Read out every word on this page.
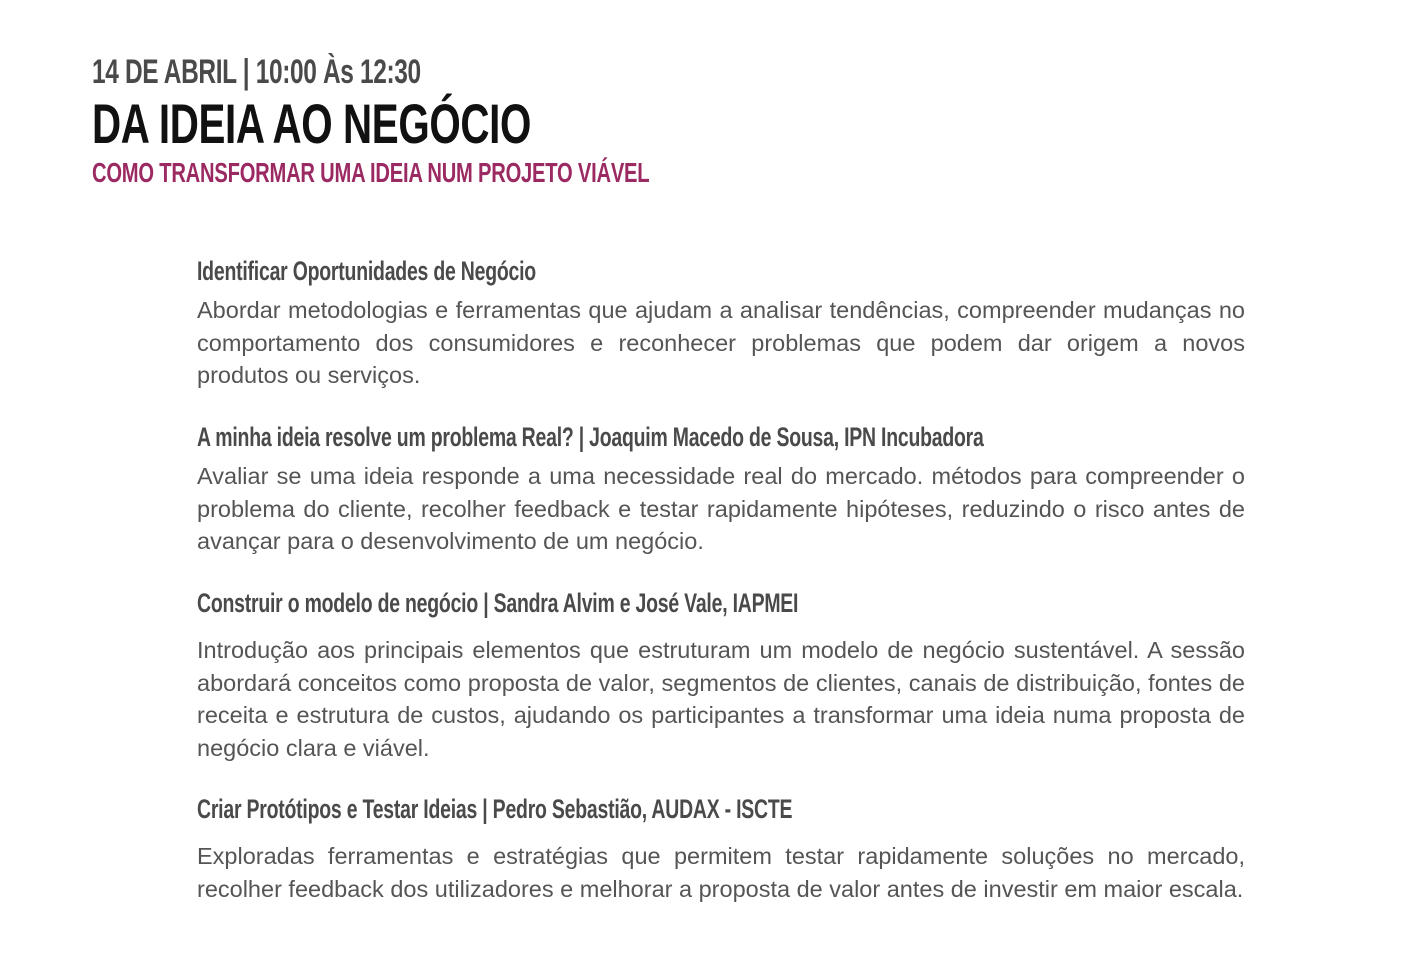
14 DE ABRIL | 10:00 Às 12:30
DA IDEIA AO NEGÓCIO
COMO TRANSFORMAR UMA IDEIA NUM PROJETO VIÁVEL
Identificar Oportunidades de Negócio
Abordar metodologias e ferramentas que ajudam a analisar tendências, compreender mudanças no comportamento dos consumidores e reconhecer problemas que podem dar origem a novos produtos ou serviços.
A minha ideia resolve um problema Real? | Joaquim Macedo de Sousa, IPN Incubadora
Avaliar se uma ideia responde a uma necessidade real do mercado. métodos para compreender o problema do cliente, recolher feedback e testar rapidamente hipóteses, reduzindo o risco antes de avançar para o desenvolvimento de um negócio.
Construir o modelo de negócio | Sandra Alvim e José Vale, IAPMEI
Introdução aos principais elementos que estruturam um modelo de negócio sustentável. A sessão abordará conceitos como proposta de valor, segmentos de clientes, canais de distribuição, fontes de receita e estrutura de custos, ajudando os participantes a transformar uma ideia numa proposta de negócio clara e viável.
Criar Protótipos e Testar Ideias | Pedro Sebastião, AUDAX - ISCTE
Exploradas ferramentas e estratégias que permitem testar rapidamente soluções no mercado, recolher feedback dos utilizadores e melhorar a proposta de valor antes de investir em maior escala.
